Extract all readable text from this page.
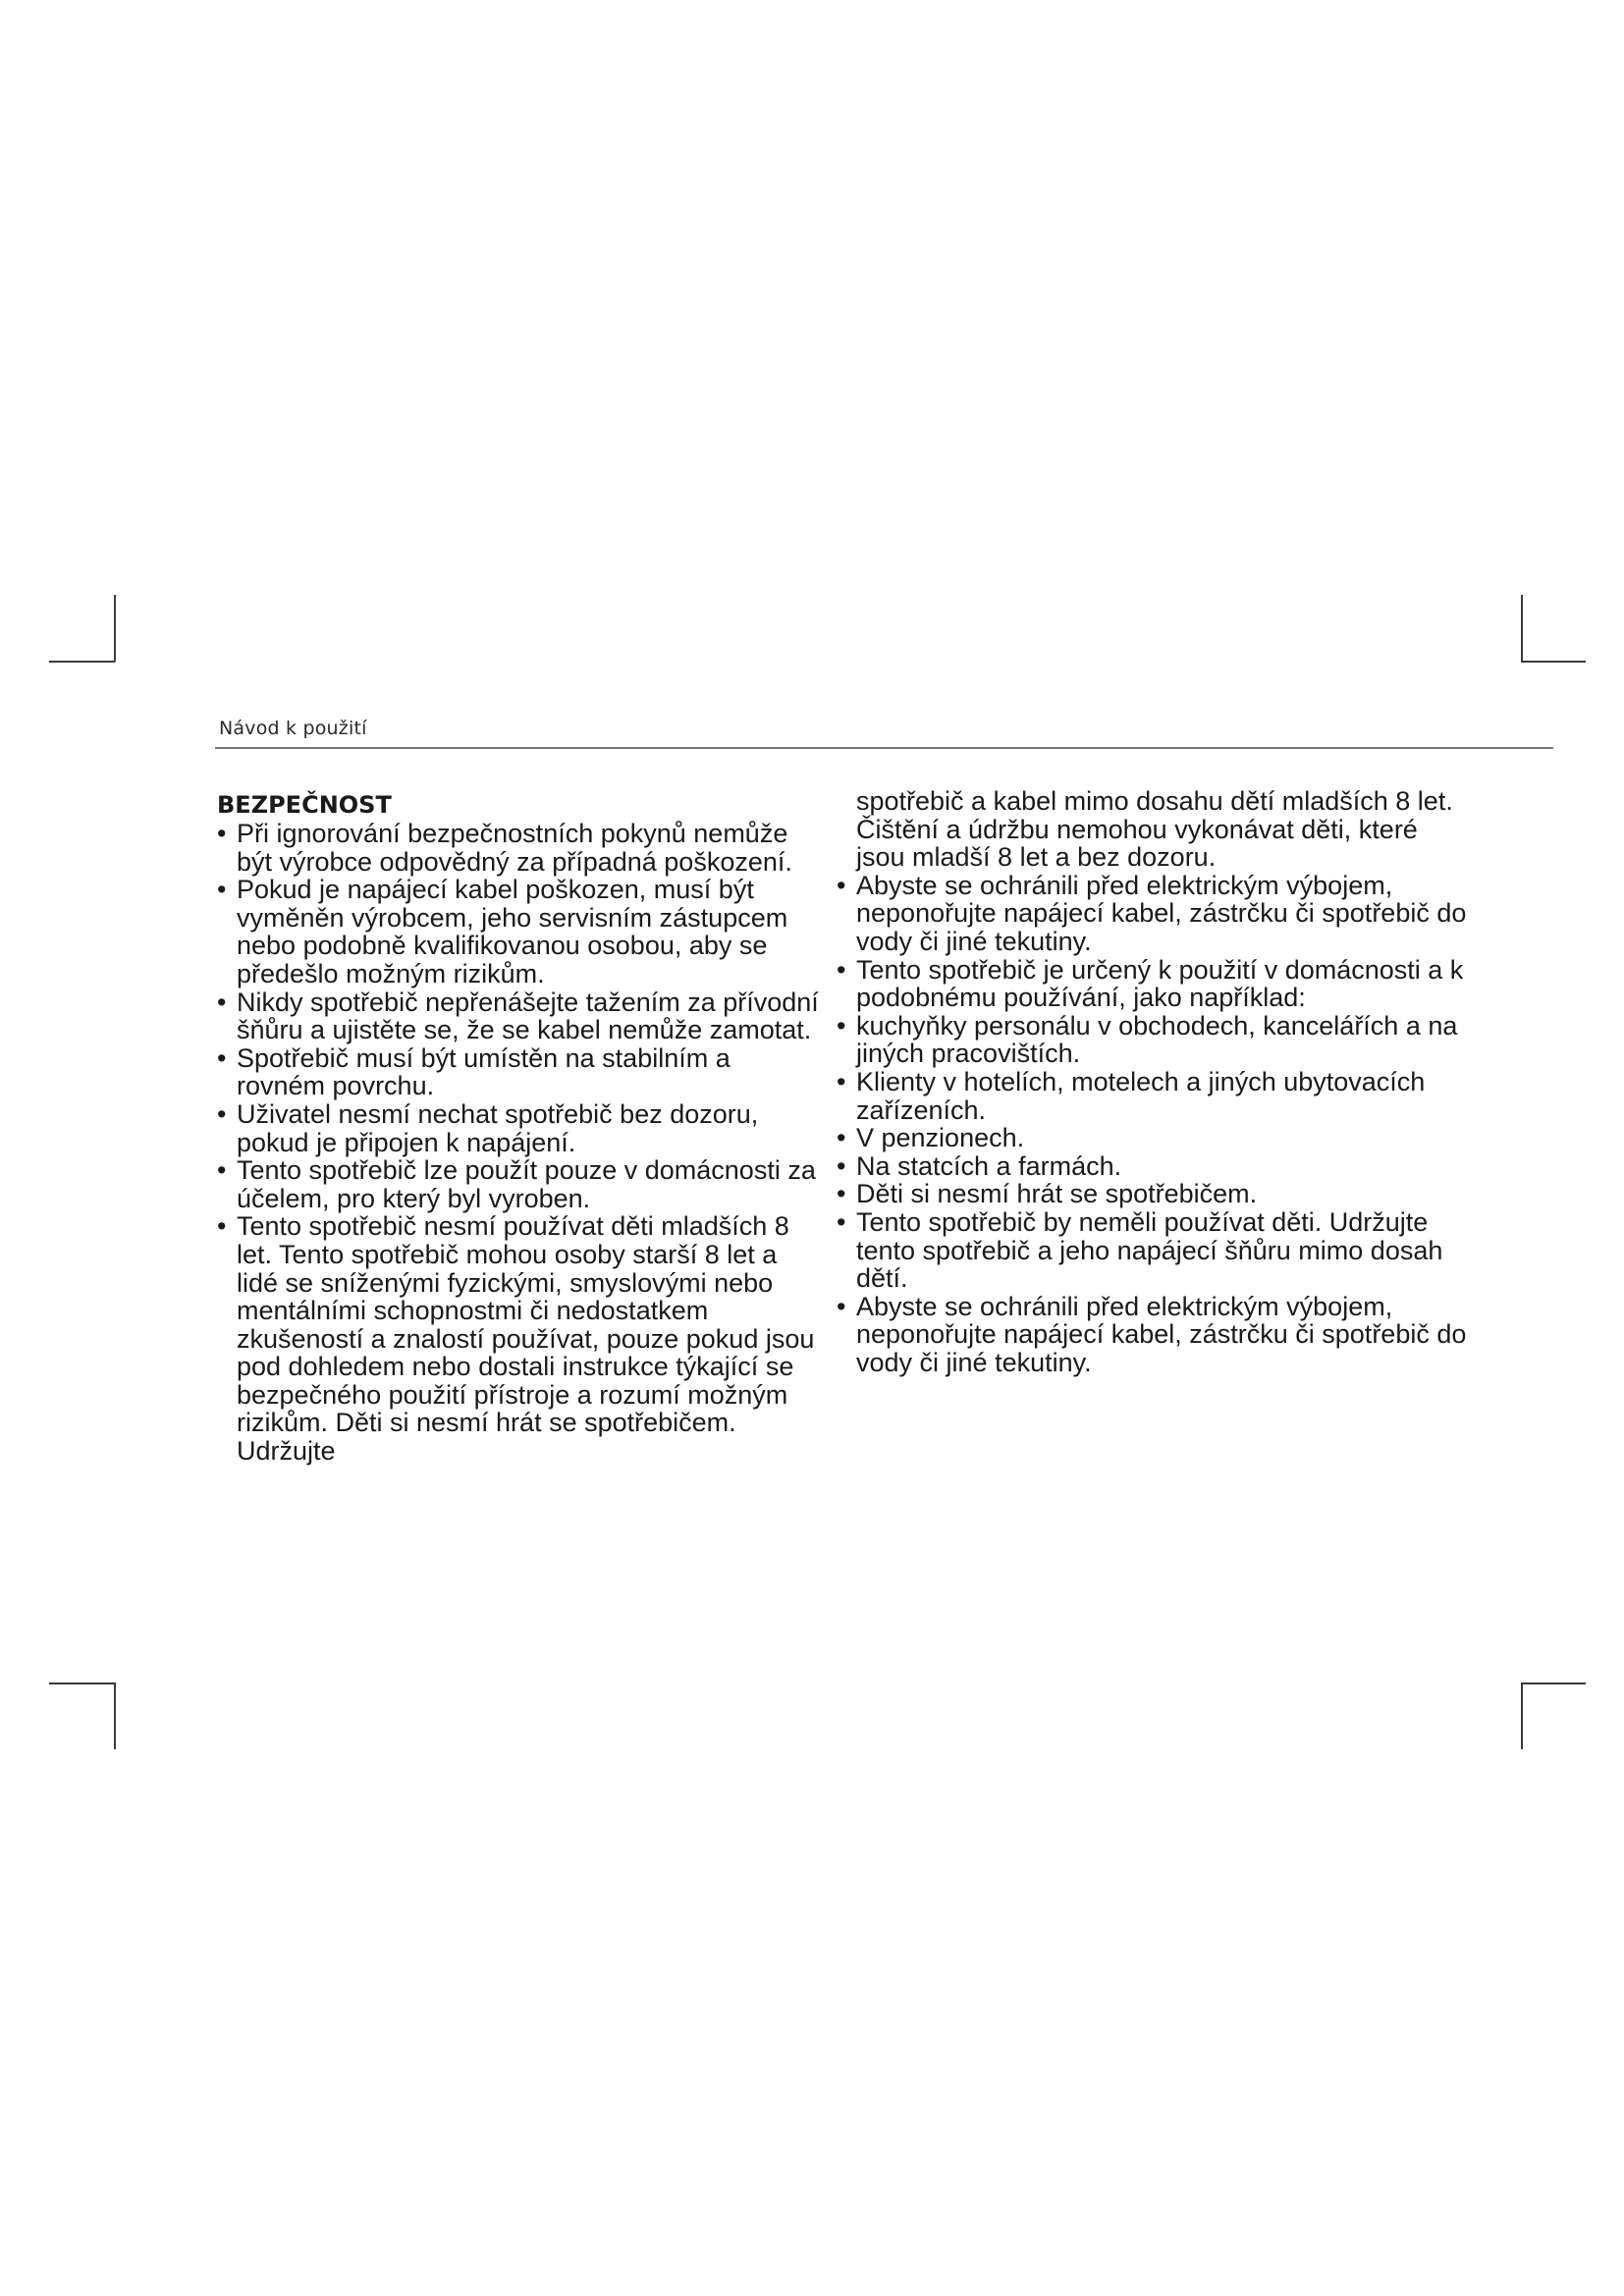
Návod k použití
BEZPEČNOST
• Při ignorování bezpečnostních pokynů nemůže být výrobce odpovědný za případná poškození.
• Pokud je napájecí kabel poškozen, musí být vyměněn výrobcem, jeho servisním zástupcem nebo podobně kvalifikovanou osobou, aby se předešlo možným rizikům.
• Nikdy spotřebič nepřenášejte tažením za přívodní šňůru a ujistěte se, že se kabel nemůže zamotat.
• Spotřebič musí být umístěn na stabilním a rovném povrchu.
• Uživatel nesmí nechat spotřebič bez dozoru, pokud je připojen k napájení.
• Tento spotřebič lze použít pouze v domácnosti za účelem, pro který byl vyroben.
• Tento spotřebič nesmí používat děti mladších 8 let. Tento spotřebič mohou osoby starší 8 let a lidé se sníženými fyzickými, smyslovými nebo mentálními schopnostmi či nedostatkem zkušeností a znalostí používat, pouze pokud jsou pod dohledem nebo dostali instrukce týkající se bezpečného použití přístroje a rozumí možným rizikům. Děti si nesmí hrát se spotřebičem. Udržujte
spotřebič a kabel mimo dosahu dětí mladších 8 let. Čištění a údržbu nemohou vykonávat děti, které jsou mladší 8 let a bez dozoru.
• Abyste se ochránili před elektrickým výbojem, neponořujte napájecí kabel, zástrčku či spotřebič do vody či jiné tekutiny.
• Tento spotřebič je určený k použití v domácnosti a k podobnému používání, jako například:
• kuchyňky personálu v obchodech, kancelářích a na jiných pracovištích.
• Klienty v hotelích, motelech a jiných ubytovacích zařízeních.
• V penzionech.
• Na statcích a farmách.
• Děti si nesmí hrát se spotřebičem.
• Tento spotřebič by neměli používat děti. Udržujte tento spotřebič a jeho napájecí šňůru mimo dosah dětí.
• Abyste se ochránili před elektrickým výbojem, neponořujte napájecí kabel, zástrčku či spotřebič do vody či jiné tekutiny.
